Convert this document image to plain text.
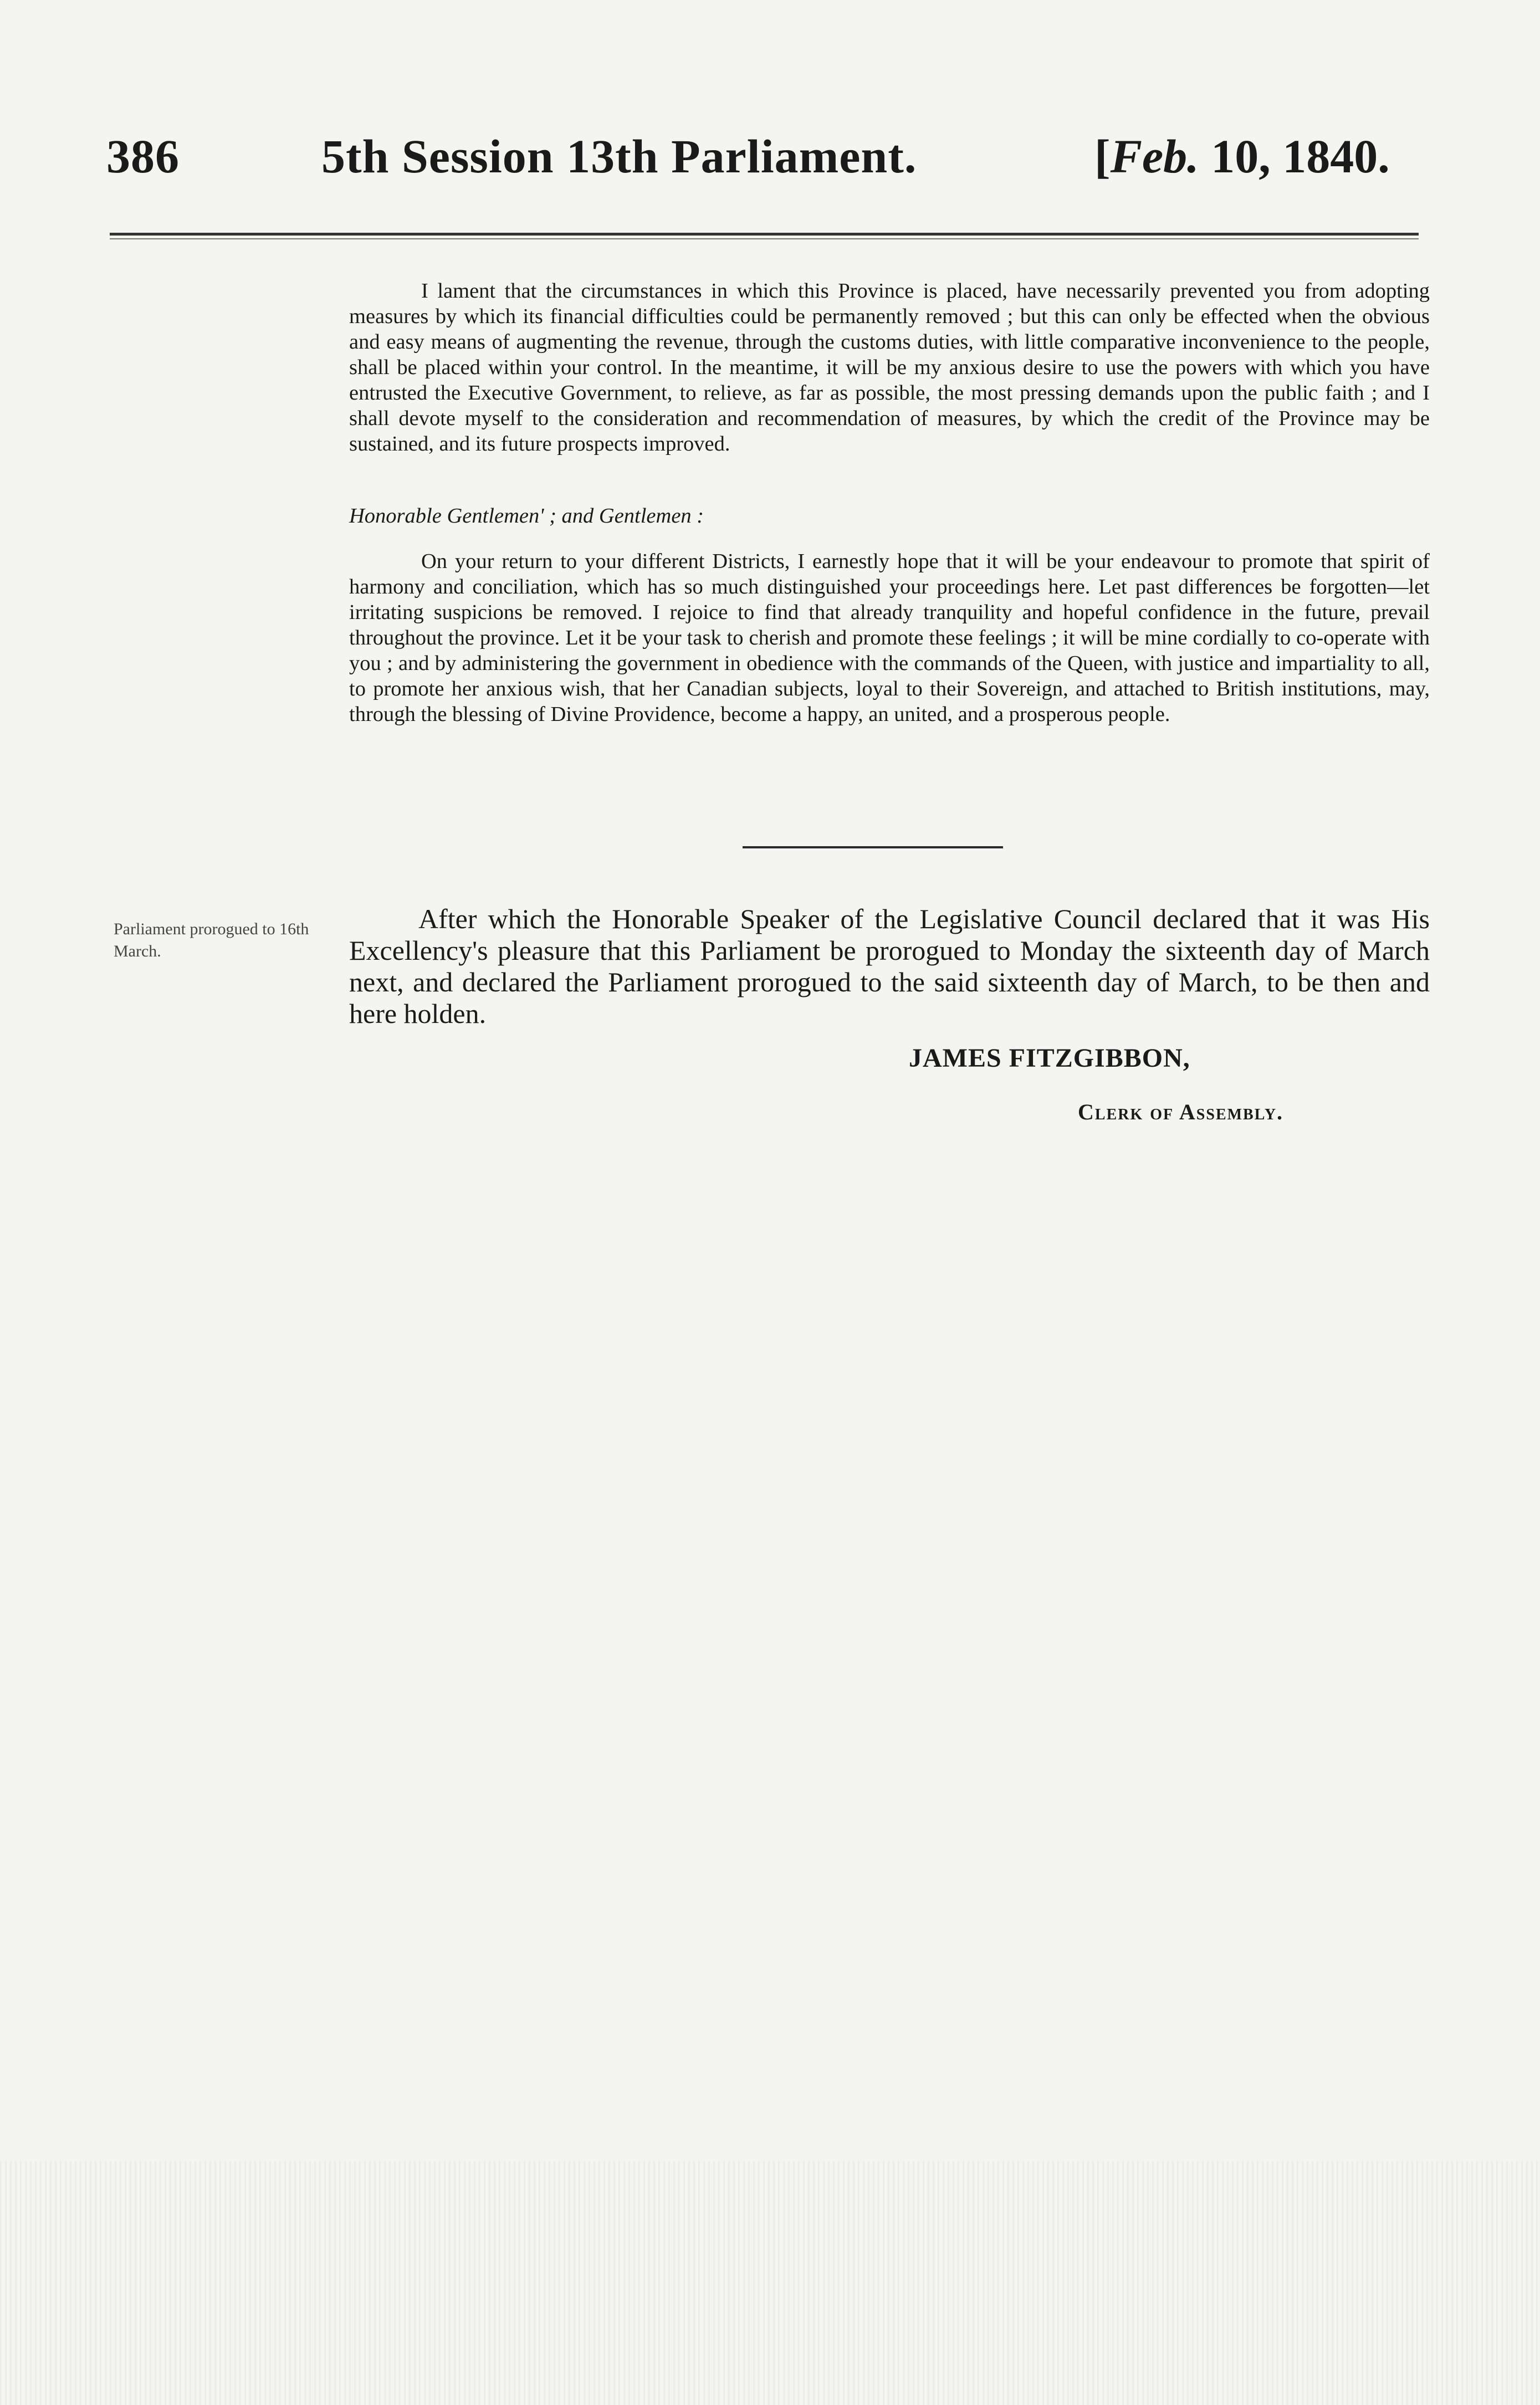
386	5th Session 13th Parliament.	[Feb. 10, 1840.

I lament that the circumstances in which this Province is placed, have necessarily prevented you from adopting measures by which its financial difficulties could be permanently removed ; but this can only be effected when the obvious and easy means of augmenting the revenue, through the customs duties, with little comparative inconvenience to the people, shall be placed within your control. In the meantime, it will be my anxious desire to use the powers with which you have entrusted the Executive Government, to relieve, as far as possible, the most pressing demands upon the public faith ; and I shall devote myself to the consideration and recommendation of measures, by which the credit of the Province may be sustained, and its future prospects improved.

Honorable Gentlemen' ; and Gentlemen :

On your return to your different Districts, I earnestly hope that it will be your endeavour to promote that spirit of harmony and conciliation, which has so much distinguished your proceedings here. Let past differences be forgotten—let irritating suspicions be removed. I rejoice to find that already tranquility and hopeful confidence in the future, prevail throughout the province. Let it be your task to cherish and promote these feelings ; it will be mine cordially to co-operate with you ; and by administering the government in obedience with the commands of the Queen, with justice and impartiality to all, to promote her anxious wish, that her Canadian subjects, loyal to their Sovereign, and attached to British institutions, may, through the blessing of Divine Providence, become a happy, an united, and a prosperous people.

Parliament prorogued to 16th March.

After which the Honorable Speaker of the Legislative Council declared that it was His Excellency's pleasure that this Parliament be prorogued to Monday the sixteenth day of March next, and declared the Parliament prorogued to the said sixteenth day of March, to be then and here holden.

JAMES FITZGIBBON,
Clerk of Assembly.
